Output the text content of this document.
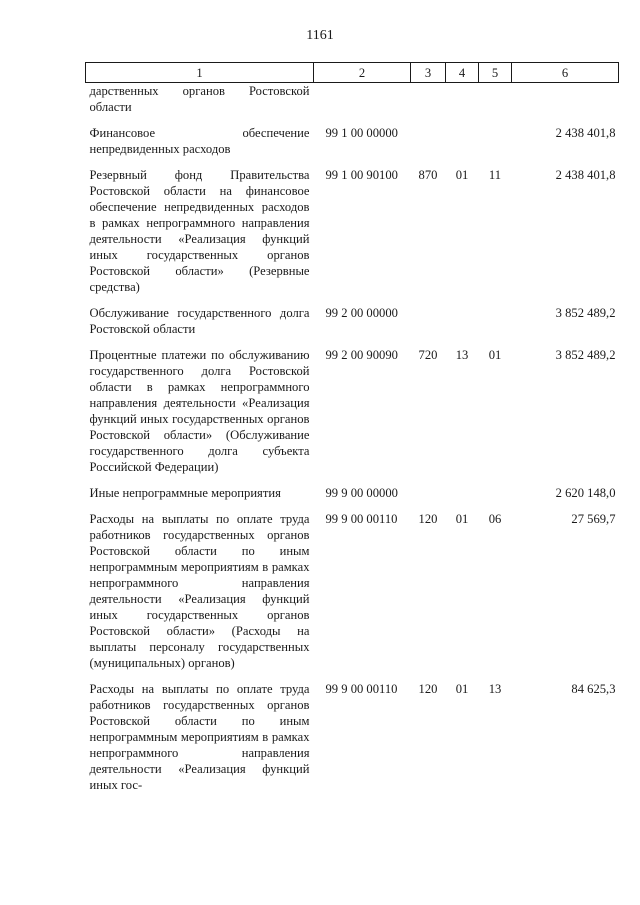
1161
1	2	3	4	5	6
дарственных органов Ростовской области					
Финансовое обеспечение непредвиденных расходов	99 1 00 00000				2 438 401,8
Резервный фонд Правительства Ростовской области на финансовое обеспечение непредвиденных расходов в рамках непрограммного направления деятельности «Реализация функций иных государственных органов Ростовской области» (Резервные средства)	99 1 00 90100	870	01	11	2 438 401,8
Обслуживание государственного долга Ростовской области	99 2 00 00000				3 852 489,2
Процентные платежи по обслуживанию государственного долга Ростовской области в рамках непрограммного направления деятельности «Реализация функций иных государственных органов Ростовской области» (Обслуживание государственного долга субъекта Российской Федерации)	99 2 00 90090	720	13	01	3 852 489,2
Иные непрограммные мероприятия	99 9 00 00000				2 620 148,0
Расходы на выплаты по оплате труда работников государственных органов Ростовской области по иным непрограммным мероприятиям в рамках непрограммного направления деятельности «Реализация функций иных государственных органов Ростовской области» (Расходы на выплаты персоналу государственных (муниципальных) органов)	99 9 00 00110	120	01	06	27 569,7
Расходы на выплаты по оплате труда работников государственных органов Ростовской области по иным непрограммным мероприятиям в рамках непрограммного направления деятельности «Реализация функций иных гос-	99 9 00 00110	120	01	13	84 625,3
